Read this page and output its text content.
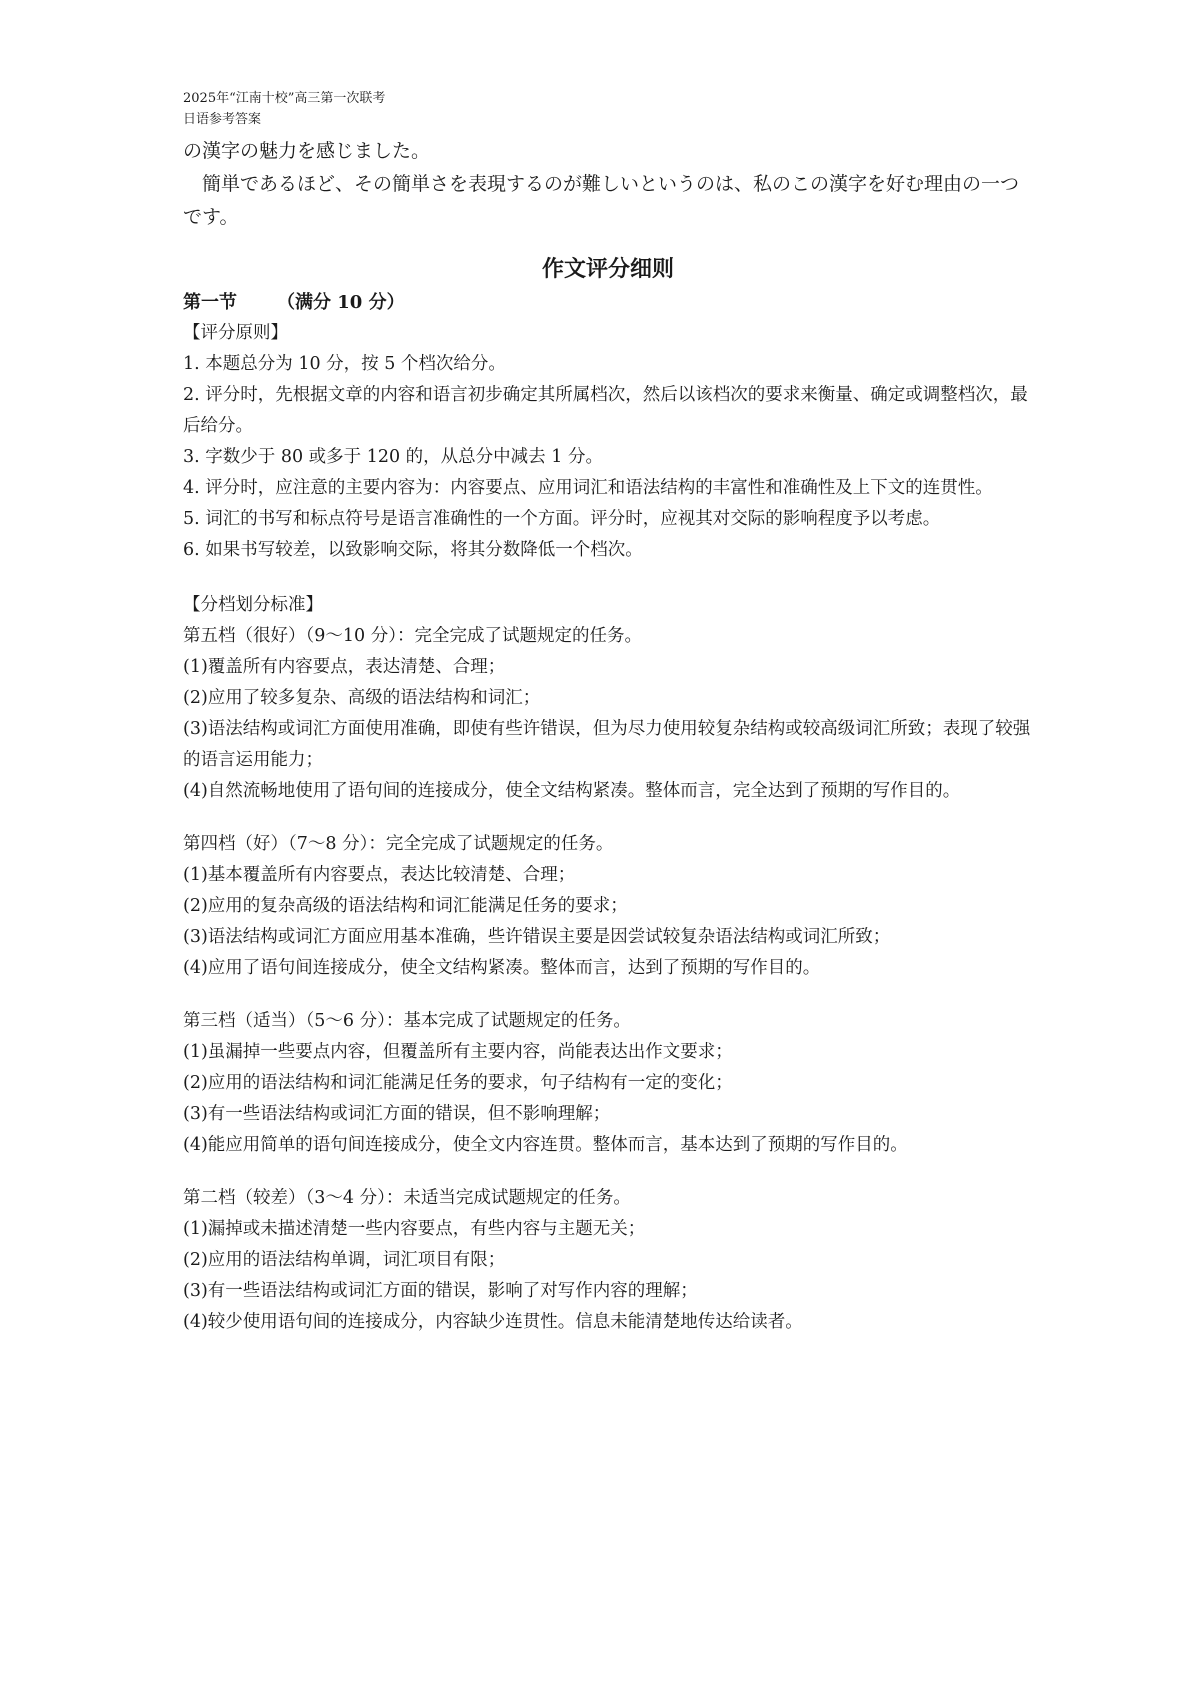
2025年“江南十校”高三第一次联考
日语参考答案

の漢字の魅力を感じました。

簡単であるほど、その簡単さを表現するのが難しいというのは、私のこの漢字を好む理由の一つです。

作文评分细则
第一节 （满分 10 分）

【评分原则】

1. 本题总分为 10 分，按 5 个档次给分。

2. 评分时，先根据文章的内容和语言初步确定其所属档次，然后以该档次的要求来衡量、确定或调整档次，最后给分。

3. 字数少于 80 或多于 120 的，从总分中减去 1 分。

4. 评分时，应注意的主要内容为：内容要点、应用词汇和语法结构的丰富性和准确性及上下文的连贯性。

5. 词汇的书写和标点符号是语言准确性的一个方面。评分时，应视其对交际的影响程度予以考虑。

6. 如果书写较差，以致影响交际，将其分数降低一个档次。

【分档划分标准】

第五档（很好）（9～10 分）：完全完成了试题规定的任务。

(1)覆盖所有内容要点，表达清楚、合理；

(2)应用了较多复杂、高级的语法结构和词汇；

(3)语法结构或词汇方面使用准确，即使有些许错误，但为尽力使用较复杂结构或较高级词汇所致；表现了较强的语言运用能力；

(4)自然流畅地使用了语句间的连接成分，使全文结构紧凑。整体而言，完全达到了预期的写作目的。

第四档（好）（7～8 分）：完全完成了试题规定的任务。

(1)基本覆盖所有内容要点，表达比较清楚、合理；

(2)应用的复杂高级的语法结构和词汇能满足任务的要求；

(3)语法结构或词汇方面应用基本准确，些许错误主要是因尝试较复杂语法结构或词汇所致；

(4)应用了语句间连接成分，使全文结构紧凑。整体而言，达到了预期的写作目的。

第三档（适当）（5～6 分）：基本完成了试题规定的任务。

(1)虽漏掉一些要点内容，但覆盖所有主要内容，尚能表达出作文要求；

(2)应用的语法结构和词汇能满足任务的要求，句子结构有一定的变化；

(3)有一些语法结构或词汇方面的错误，但不影响理解；

(4)能应用简单的语句间连接成分，使全文内容连贯。整体而言，基本达到了预期的写作目的。

第二档（较差）（3～4 分）：未适当完成试题规定的任务。

(1)漏掉或未描述清楚一些内容要点，有些内容与主题无关；

(2)应用的语法结构单调，词汇项目有限；

(3)有一些语法结构或词汇方面的错误，影响了对写作内容的理解；

(4)较少使用语句间的连接成分，内容缺少连贯性。信息未能清楚地传达给读者。
